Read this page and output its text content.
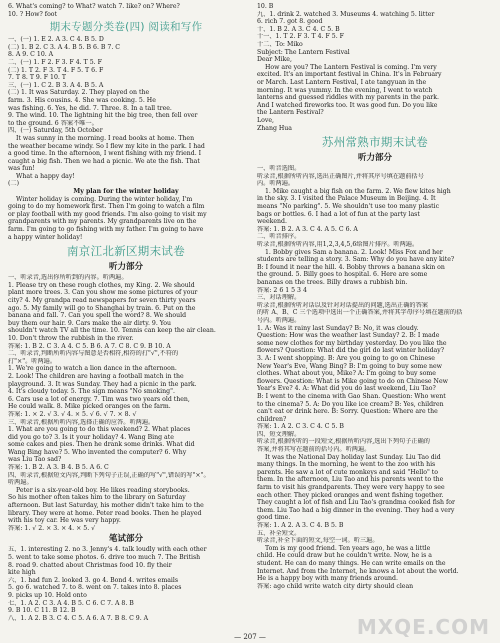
6. What's coming? to What? watch 7. like? on? Where?
10. ? How? foot
期末专题分类卷(四) 阅读和写作
一、(一) 1. E 2. A 3. C 4. B 5. D
(二) 1. B 2. C 3. A 4. B 5. B 6. B 7. C
8. A 9. C 10. A
二、(一) 1. F 2. F 3. F 4. T 5. F
(二) 1. T 2. F 3. T 4. F 5. T 6. F
7. T 8. T 9. F 10. T
三、(一) 1. C 2. B 3. A 4. B 5. A
(二) 1. It was Saturday. 2. They played on the
farm. 3. His cousins. 4. She was cooking. 5. He
was fishing. 6. Yes, he did. 7. Three. 8. In a tall tree.
9. The wind. 10. The lightning hit the big tree, then fell over
to the ground. 6 答案不唯一。
四、(一) Saturday, 5th October
It was sunny in the morning. I read books at home. Then
the weather became windy. So I flew my kite in the park. I had
a good time. In the afternoon, I went fishing with my friend. I
caught a big fish. Then we had a picnic. We ate the fish. That
was fun!
What a happy day!
(二)
My plan for the winter holiday
Winter holiday is coming. During the winter holiday, I'm
going to do my homework first. Then I'm going to watch a film
or play football with my good friends. I'm also going to visit my
grandparents with my parents. My grandparents live on the
farm. I'm going to go fishing with my father. I'm going to have
a happy winter holiday!
南京江北新区期末试卷
听力部分
一、听录音,选出你所听到的内容。听两遍。
1. Please try on these rough clothes, my King. 2. We should
plant more trees. 3. Can you show me some pictures of your
city? 4. My grandpa read newspapers for seven thirty years
ago. 5. My family will go to Shanghai by train. 6. Put on the
banana and fall. 7. Can you spell the word? 8. We should
buy them our hair. 9. Cars make the air dirty. 9. You
shouldn't watch TV all the time. 10. Tennis can keep the air clean.
10. Don't throw the rubbish in the river.
答案: 1. B 2. C 3. A 4. C 5. B 6. A 7. C 8. C 9. B 10. A
二、听录音,判断所听内容与图意是否相符,相符的打"√",不符的
打"×"。听两遍。
1. We're going to watch a lion dance in the afternoon.
2. Look! The children are having a football match in the
playground. 3. It was Sunday. They had a picnic in the park.
4. It's cloudy today. 5. The sign means "No smoking".
6. Cars use a lot of energy. 7. Tim was two years old then,
He could walk. 8. Mike picked oranges on the farm.
答案: 1. × 2. √ 3. √ 4. × 5. √ 6. √ 7. × 8. √
三、听录音,根据所听内容,选择正确的应答。听两遍。
1. What are you going to do this weekend? 2. What places
did you go to? 3. Is it your holiday? 4. Wang Bing ate
some cakes and pies. Then he drank some drinks. What did
Wang Bing have? 5. Who invented the computer? 6. Why
was Liu Tao sad?
答案: 1. B 2. A 3. B 4. B 5. A 6. C
四、听录音,根据短文内容,判断下列句子正误,正确的写"√",错误的写"×"。
听两遍。
Peter is a six-year-old boy. He likes reading storybooks.
So his mother often takes him to the library on Saturday
afternoon. But last Saturday, his mother didn't take him to the
library. They were at home. Peter read books. Then he played
with his toy car. He was very happy.
答案: 1. √ 2. × 3. × 4. × 5. √
笔试部分
五、1. interesting 2. no 3. Jenny's 4. talk loudly with each other
5. went to take some photos. 6. drive too much 7. The British
8. road 9. chatted about Christmas food 10. fly their
kite high
六、1. had fun 2. looked 3. go 4. Bond 4. writes emails
5. go 6. watched 7. to 8. went on 7. takes into 8. places
9. picks up 10. Hold onto
七、1. A 2. C 3. A 4. B 5. C 6. C 7. A 8. B
9. B 10. C 11. B 12. B
八、1. A 2. B 3. C 4. C 5. A 6. A 7. B 8. C 9. A
10. B
九、1. drink 2. watched 3. Museums 4. watching 5. litter
6. rich 7. got 8. good
十、1. B 2. A 3. C 4. C 5. B
十一、1. T 2. F 3. T 4. F 5. F
十二、To: Miko
Subject: The Lantern Festival
Dear Mike,
How are you? The Lantern Festival is coming. I'm very
excited. It's an important festival in China. It's in February
or March. Last Lantern Festival, I ate tangyuan in the
morning. It was yummy. In the evening, I went to watch
lanterns and guessed riddles with my parents in the park.
And I watched fireworks too. It was good fun. Do you like
the Lantern Festival?
Love,
Zhang Hua
苏州常熟市期末试卷
听力部分
一、听音选图。
听录音,根据所听内容,选出正确图片,并将其序号填在题前括号
内。听两遍。
1. Mike caught a big fish on the farm. 2. We flew kites high
in the sky. 3. I visited the Palace Museum in Beijing. 4. It
means "No parking". 5. We shouldn't use too many plastic
bags or bottles. 6. I had a lot of fun at the party last
weekend.
答案: 1. B 2. A 3. C 4. A 5. C 6. A
二、听音排序。
听录音,根据所听内容,用1,2,3,4,5,6给图片排序。听两遍。
1. Bobby gives Sam a banana. 2. Look! Miss Fox and her
students are telling a story. 3. Sam: Why do you have any kite?
B: I found it near the hill. 4. Bobby throws a banana skin on
the ground. 5. Billy goes to hospital. 6. Here are some
bananas on the trees. Billy draws a rubbish bin.
答案: 2 6 1 5 3 4
三、对话理解。
听录音,根据所听对话以及针对对话提出的问题,选出正确的答案
的听 A、B、C 三个选项中选出一个正确答案,并将其字母序号填在题前的括
号内。听两遍。
1. A: Was it rainy last Sunday? B: No, it was cloudy.
Question: How was the weather last Sunday? 2. B: I made
some new clothes for my birthday yesterday. Do you like the
flowers? Question: What did the girl do last winter holiday?
3. A: I went shopping. B: Are you going to go on Chinese
New Year's Eve, Wang Bing? B: I'm going to buy some new
clothes. What about you, Mike? A: I'm going to buy some
flowers. Question: What is Mike going to do on Chinese New
Year's Eve? 4. A: What did you do last weekend, Liu Tao?
B: I went to the cinema with Gao Shan. Question: Who went
to the cinema? 5. A: Do you like ice cream? B: Yes, children
can't eat or drink here. B: Sorry. Question: Where are the
children?
答案: 1. A 2. C 3. C 4. C 5. B
四、短文理解。
听录音,根据所听的一段短文,根据所听内容,选出下列句子正确的
答案,并将其写在题前的括号内。听两遍。
It was the National Day holiday last Sunday. Liu Tao did
many things. In the morning, he went to the zoo with his
parents. He saw a lot of cute monkeys and said "Hello" to
them. In the afternoon, Liu Tao and his parents went to the
farm to visit his grandparents. They were very happy to see
each other. They picked oranges and went fishing together.
They caught a lot of fish and Liu Tao's grandma cooked fish for
them. Liu Tao had a big dinner in the evening. They had a very
good time.
答案: 1. A 2. A 3. C 4. B 5. B
五、补全短文。
听录音,补全下面的短文,每空一词。听三遍。
Tom is my good friend. Ten years ago, he was a little
child. He could draw but he couldn't write. Now, he is a
student. He can do many things. He can write emails on the
Internet. And from the Internet, he knows a lot about the world.
He is a happy boy with many friends around.
答案: ago child write watch city dirty should clean
— 207 —	MXQE.COM
